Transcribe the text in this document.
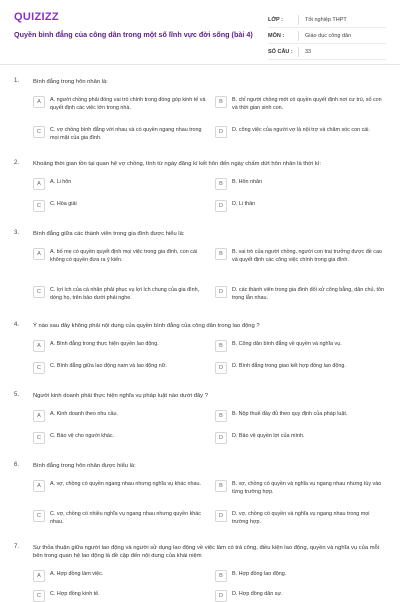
QUIZIZZ
Quyền bình đẳng của công dân trong một số lĩnh vực đời sống (bài 4)
LỚP :	Tốt nghiệp THPT
MÔN :	Giáo dục công dân
SỐ CÂU :	33
1. Bình đẳng trong hôn nhân là:
A	A. người chồng phải đóng vai trò chính trong đóng góp kinh tế và quyết định các việc lớn trong nhà.
B	B. chỉ người chồng mới có quyền quyết định nơi cư trú, số con và thời gian sinh con.
C	C. vợ chồng bình đẳng với nhau và có quyền ngang nhau trong mọi mặt của gia đình.
D	D. công việc của người vợ là nội trợ và chăm sóc con cái.
2. Khoảng thời gian tồn tại quan hệ vợ chồng, tính từ ngày đăng kí kết hôn đến ngày chấm dứt hôn nhân là thời kì:
A	A. Li hôn	B	B. Hôn nhân
C	C. Hòa giải	D	D. Li thân
3. Bình đẳng giữa các thành viên trong gia đình được hiểu là:
A	A. bố mẹ có quyền quyết định mọi việc trong gia đình, con cái không có quyền đưa ra ý kiến.
B	B. vai trò của người chồng, người con trai trưởng được đề cao và quyết định các công việc chính trong gia đình.
C	C. lợi ích của cá nhân phải phục vụ lợi ích chung của gia đình, dòng họ, trên bảo dưới phải nghe.
D	D. các thành viên trong gia đình đối xử công bằng, dân chủ, tôn trọng lẫn nhau.
4. Ý nào sau đây không phải nội dung của quyền bình đẳng của công dân trong lao động ?
A	A. Bình đẳng trong thực hiện quyền lao động.	B	B. Công dân bình đẳng về quyền và nghĩa vụ.
C	C. Bình đẳng giữa lao động nam và lao động nữ.	D	D. Bình đẳng trong giao kết hợp đồng lao động.
5. Người kinh doanh phải thực hiện nghĩa vụ pháp luật nào dưới đây ?
A	A. Kinh doanh theo nhu cầu.	B	B. Nộp thuế đầy đủ theo quy định của pháp luật.
C	C. Bảo vệ cho người khác.	D	D. Bảo vệ quyền lợi của mình.
6. Bình đẳng trong hôn nhân được hiểu là:
A	A. vợ, chồng có quyền ngang nhau nhưng nghĩa vụ khác nhau.	B	B. vợ, chồng có quyền và nghĩa vụ ngang nhau nhưng tùy vào từng trường hợp.
C	C. vợ, chồng có nhiều nghĩa vụ ngang nhau nhưng quyền khác nhau.
D	D. vợ, chồng có quyền và nghĩa vụ ngang nhau trong mọi trường hợp.
7. Sự thỏa thuận giữa người lao động và người sử dụng lao động về việc làm có trả công, điều kiện lao động, quyền và nghĩa vụ của mỗi bên trong quan hệ lao động là đề cập đến nội dung của khái niệm
A	A. Hợp đồng làm việc.	B	B. Hợp đồng lao động.
C	C. Hợp đồng kinh tế.	D	D. Hợp đồng dân sự.
